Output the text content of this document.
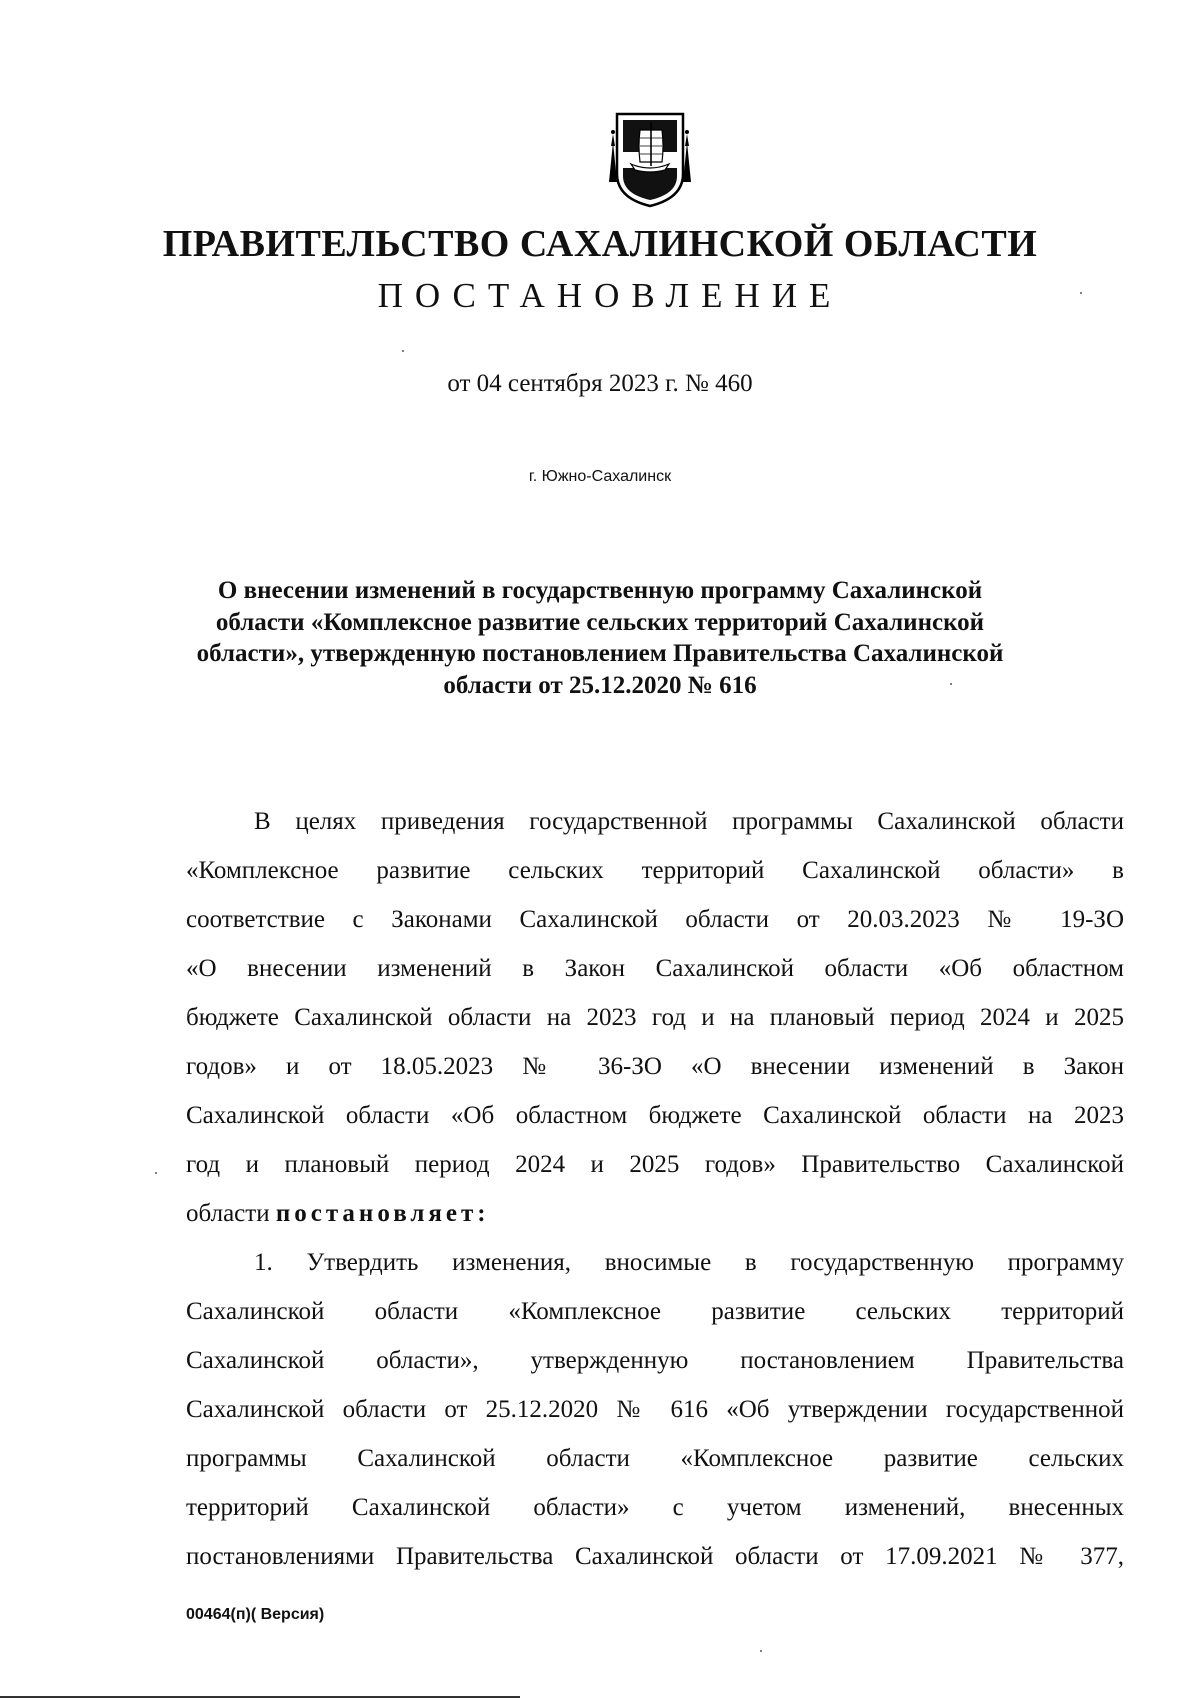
ПРАВИТЕЛЬСТВО САХАЛИНСКОЙ ОБЛАСТИ
ПОСТАНОВЛЕНИЕ
от 04 сентября 2023 г. № 460
г. Южно-Сахалинск
О внесении изменений в государственную программу Сахалинской
области «Комплексное развитие сельских территорий Сахалинской
области», утвержденную постановлением Правительства Сахалинской
области от 25.12.2020 № 616
В целях приведения государственной программы Сахалинской области
«Комплексное развитие сельских территорий Сахалинской области» в
соответствие с Законами Сахалинской области от 20.03.2023 № 19-ЗО
«О внесении изменений в Закон Сахалинской области «Об областном
бюджете Сахалинской области на 2023 год и на плановый период 2024 и 2025
годов» и от 18.05.2023 № 36-ЗО «О внесении изменений в Закон
Сахалинской области «Об областном бюджете Сахалинской области на 2023
год и плановый период 2024 и 2025 годов» Правительство Сахалинской
области постановляет:
1. Утвердить изменения, вносимые в государственную программу
Сахалинской области «Комплексное развитие сельских территорий
Сахалинской области», утвержденную постановлением Правительства
Сахалинской области от 25.12.2020 № 616 «Об утверждении государственной
программы Сахалинской области «Комплексное развитие сельских
территорий Сахалинской области» с учетом изменений, внесенных
постановлениями Правительства Сахалинской области от 17.09.2021 № 377,
00464(п)( Версия)
